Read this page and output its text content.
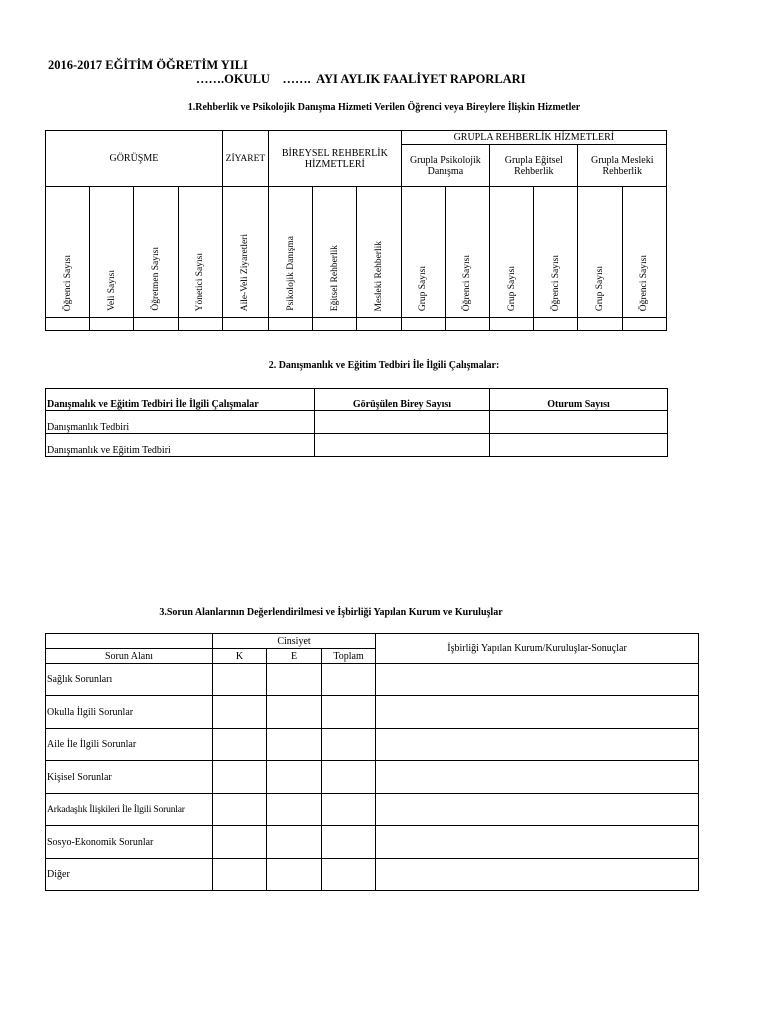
2016-2017 EĞİTİM ÖĞRETİM YILI
…….OKULU    …….  AYI AYLIK FAALİYET RAPORLARI
1.Rehberlik ve Psikolojik Danışma Hizmeti Verilen Öğrenci veya Bireylere İlişkin Hizmetler
GÖRÜŞME				ZİYARET	BİREYSEL REHBERLİK HİZMETLERİ			GRUPLA REHBERLİK HİZMETLERİ					
								Grupla Psikolojik Danışma		Grupla Eğitsel Rehberlik		Grupla Mesleki Rehberlik	
Öğrenci Sayısı	Veli Sayısı	Öğretmen Sayısı	Yönetici Sayısı	Aile-Veli Ziyaretleri	Psikolojik Danışma	Eğitsel Rehberlik	Mesleki Rehberlik	Grup Sayısı	Öğrenci Sayısı	Grup Sayısı	Öğrenci Sayısı	Grup Sayısı	Öğrenci Sayısı

2. Danışmanlık ve Eğitim Tedbiri İle İlgili Çalışmalar:
Danışmalık ve Eğitim Tedbiri İle İlgili Çalışmalar	Görüşülen Birey Sayısı	Oturum Sayısı
Danışmanlık Tedbiri		
Danışmanlık ve Eğitim Tedbiri		
3.Sorun Alanlarının Değerlendirilmesi ve İşbirliği Yapılan Kurum ve Kuruluşlar
	Cinsiyet			İşbirliği Yapılan Kurum/Kuruluşlar-Sonuçlar
Sorun Alanı	K	E	Toplam	
Sağlık Sorunları				
Okulla İlgili Sorunlar				
Aile İle İlgili Sorunlar				
Kişisel Sorunlar				
Arkadaşlık İlişkileri İle İlgili Sorunlar				
Sosyo-Ekonomik Sorunlar				
Diğer				
